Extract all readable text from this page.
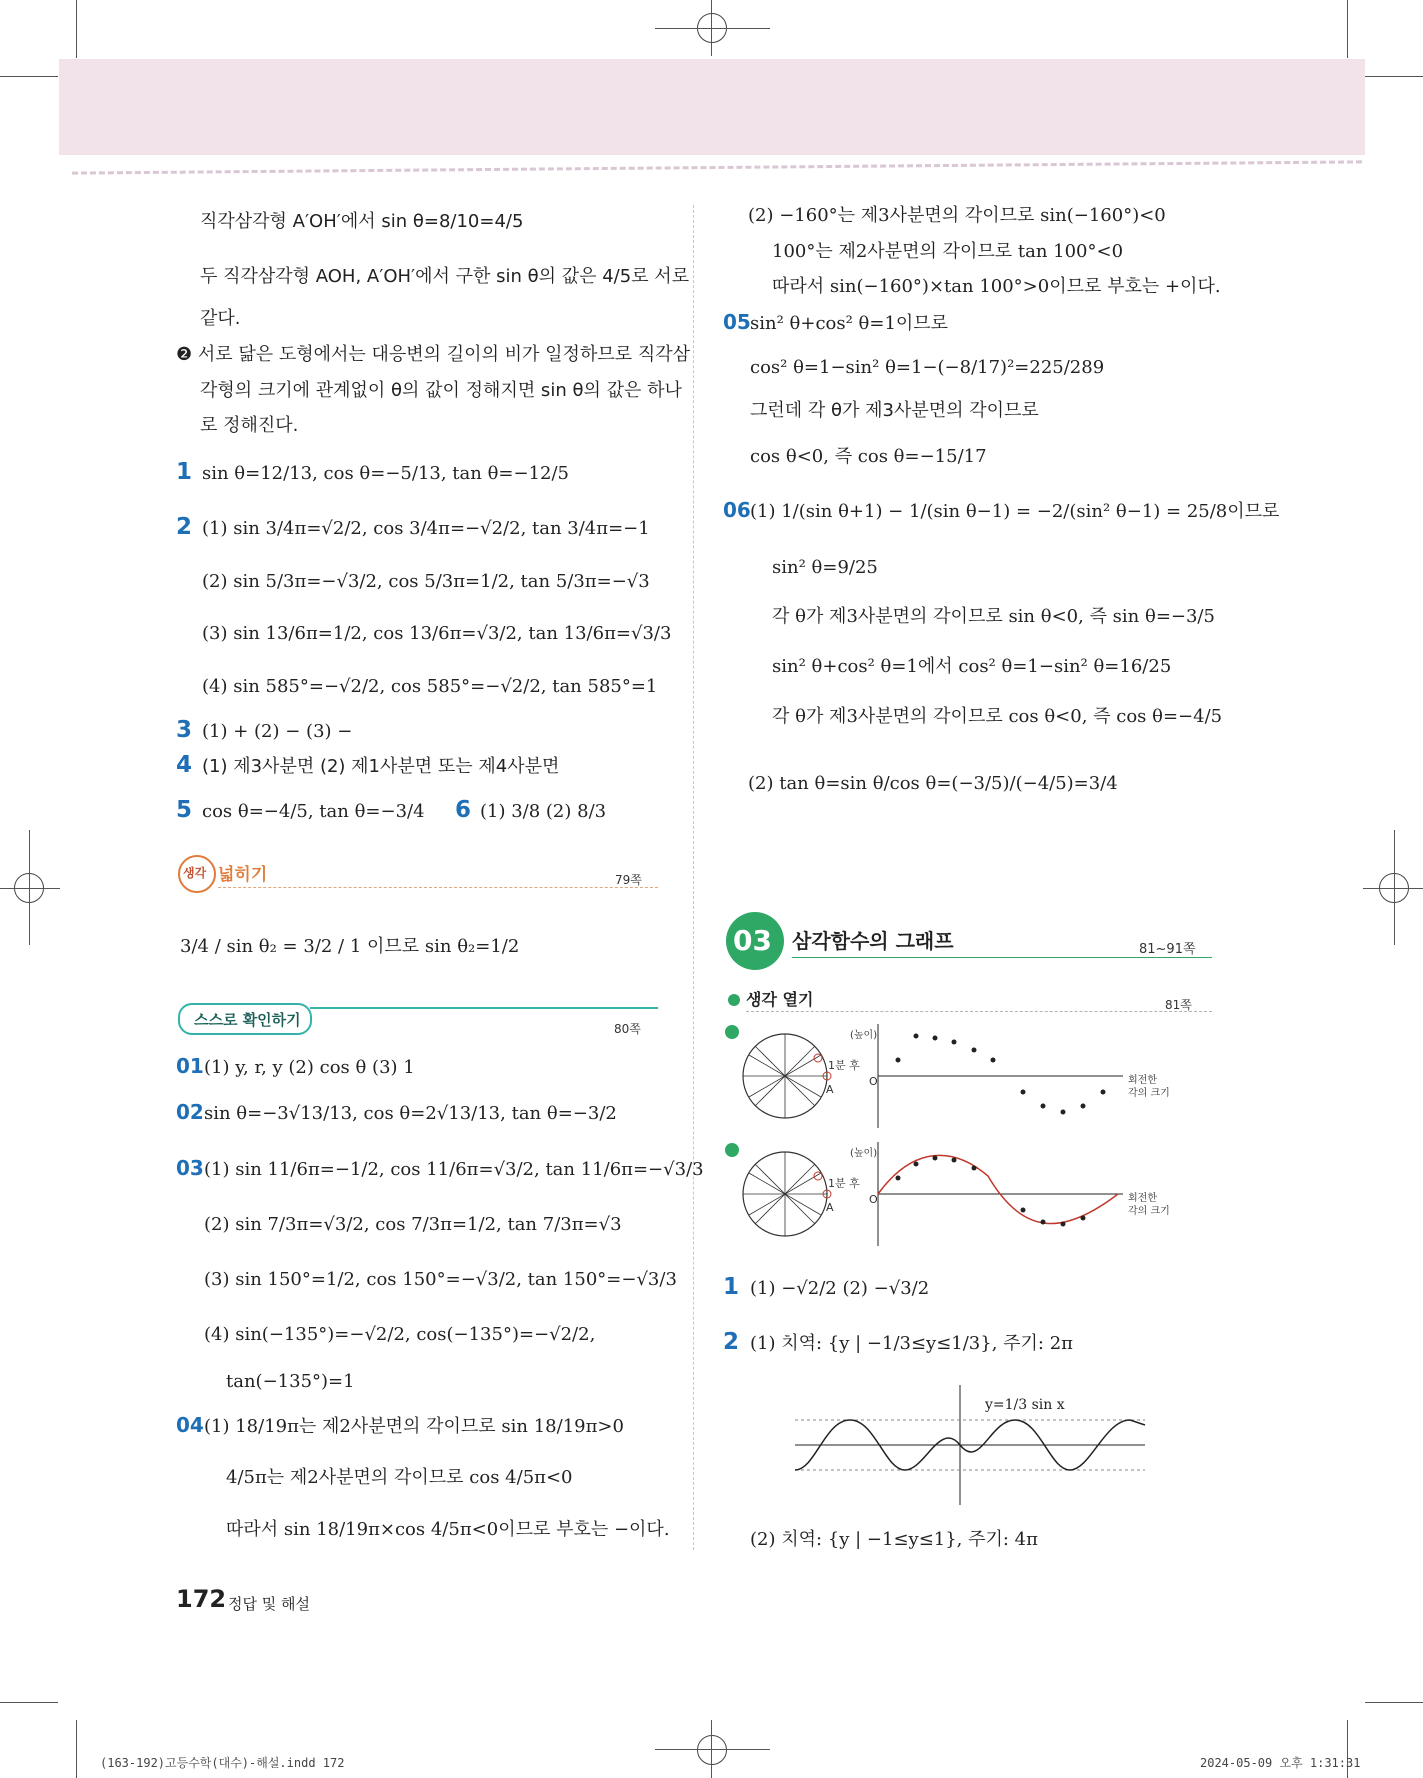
직각삼각형 A′OH′에서 sin θ=8/10=4/5
두 직각삼각형 AOH, A′OH′에서 구한 sin θ의 값은 4/5로 서로
같다.
❷ 서로 닮은 도형에서는 대응변의 길이의 비가 일정하므로 직각삼
각형의 크기에 관계없이 θ의 값이 정해지면 sin θ의 값은 하나
로 정해진다.
1 sin θ=12/13, cos θ=−5/13, tan θ=−12/5
2 (1) sin 3/4π=√2/2, cos 3/4π=−√2/2, tan 3/4π=−1
(2) sin 5/3π=−√3/2, cos 5/3π=1/2, tan 5/3π=−√3
(3) sin 13/6π=1/2, cos 13/6π=√3/2, tan 13/6π=√3/3
(4) sin 585°=−√2/2, cos 585°=−√2/2, tan 585°=1
3 (1) + (2) − (3) −
4 (1) 제3사분면 (2) 제1사분면 또는 제4사분면
5 cos θ=−4/5, tan θ=−3/4 6 (1) 3/8 (2) 8/3
생각 넓히기	79쪽
3/4 / sin θ₂ = 3/2 / 1 이므로 sin θ₂=1/2
스스로 확인하기	80쪽
01 (1) y, r, y (2) cos θ (3) 1
02 sin θ=−3√13/13, cos θ=2√13/13, tan θ=−3/2
03 (1) sin 11/6π=−1/2, cos 11/6π=√3/2, tan 11/6π=−√3/3
(2) sin 7/3π=√3/2, cos 7/3π=1/2, tan 7/3π=√3
(3) sin 150°=1/2, cos 150°=−√3/2, tan 150°=−√3/3
(4) sin(−135°)=−√2/2, cos(−135°)=−√2/2,
tan(−135°)=1
04 (1) 18/19π는 제2사분면의 각이므로 sin 18/19π>0
4/5π는 제2사분면의 각이므로 cos 4/5π<0
따라서 sin 18/19π×cos 4/5π<0이므로 부호는 −이다.
(2) −160°는 제3사분면의 각이므로 sin(−160°)<0
100°는 제2사분면의 각이므로 tan 100°<0
따라서 sin(−160°)×tan 100°>0이므로 부호는 +이다.
05 sin² θ+cos² θ=1이므로
cos² θ=1−sin² θ=1−(−8/17)²=225/289
그런데 각 θ가 제3사분면의 각이므로
cos θ<0, 즉 cos θ=−15/17
06 (1) 1/(sin θ+1) − 1/(sin θ−1) = −2/(sin² θ−1) = 25/8이므로
sin² θ=9/25
각 θ가 제3사분면의 각이므로 sin θ<0, 즉 sin θ=−3/5
sin² θ+cos² θ=1에서 cos² θ=1−sin² θ=16/25
각 θ가 제3사분면의 각이므로 cos θ<0, 즉 cos θ=−4/5
(2) tan θ=sin θ/cos θ=(−3/5)/(−4/5)=3/4
03 삼각함수의 그래프	81~91쪽
생각 열기	81쪽
(높이)
1분 후
A
O	회전한
각의 크기
(높이)
1분 후
A
O	회전한
각의 크기
1 (1) −√2/2 (2) −√3/2
2 (1) 치역: {y | −1/3≤y≤1/3}, 주기: 2π
y=1/3 sin x
(2) 치역: {y | −1≤y≤1}, 주기: 4π
172 정답 및 해설
(163-192)고등수학(대수)-해설.indd 172	2024-05-09 오후 1:31:31
